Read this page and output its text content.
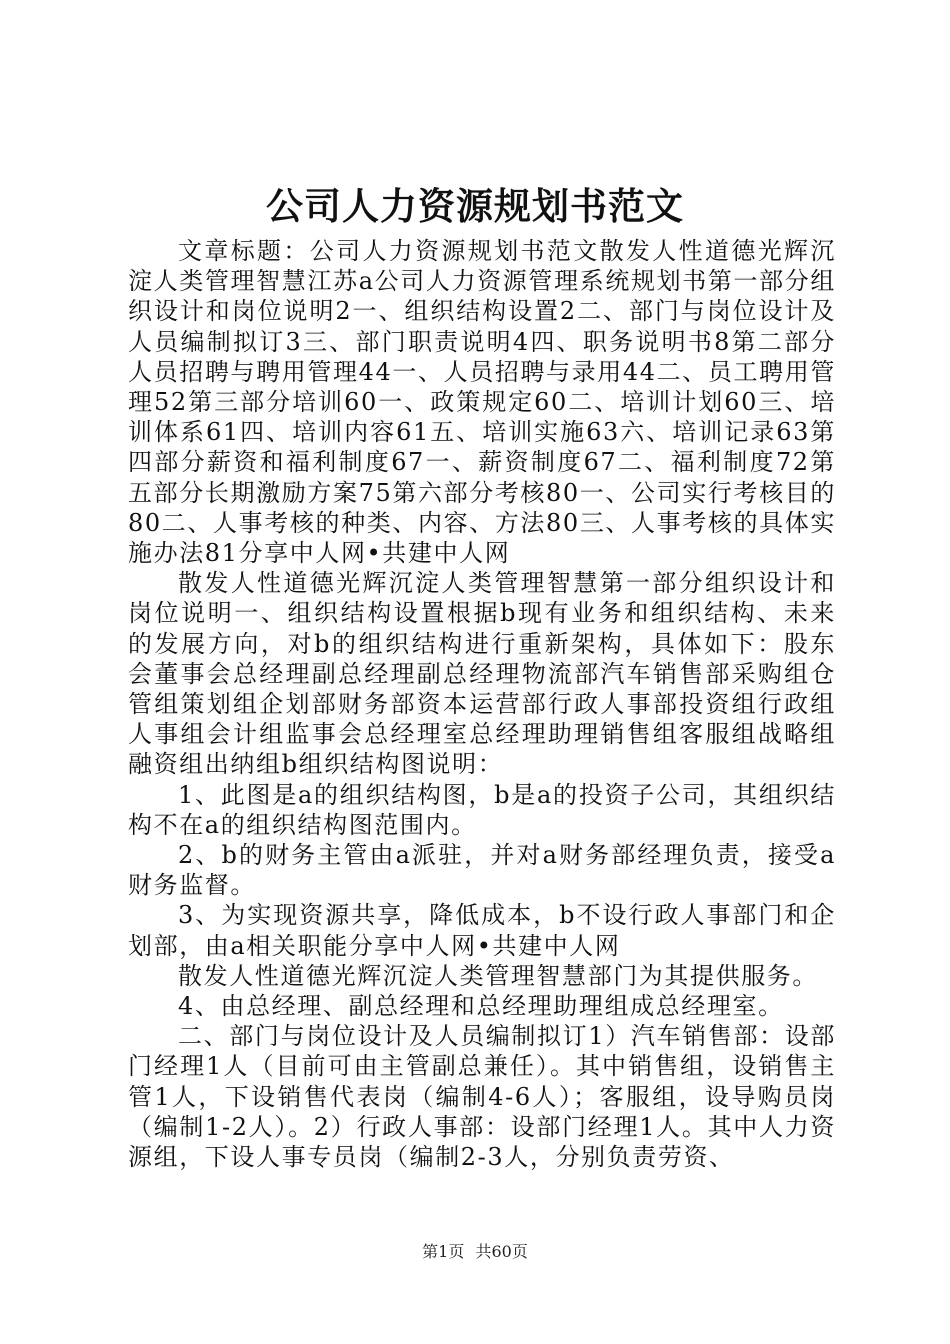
公司人力资源规划书范文

文章标题：公司人力资源规划书范文散发人性道德光辉沉淀人类管理智慧江苏a公司人力资源管理系统规划书第一部分组织设计和岗位说明2一、组织结构设置2二、部门与岗位设计及人员编制拟订3三、部门职责说明4四、职务说明书8第二部分人员招聘与聘用管理44一、人员招聘与录用44二、员工聘用管理52第三部分培训60一、政策规定60二、培训计划60三、培训体系61四、培训内容61五、培训实施63六、培训记录63第四部分薪资和福利制度67一、薪资制度67二、福利制度72第五部分长期激励方案75第六部分考核80一、公司实行考核目的80二、人事考核的种类、内容、方法80三、人事考核的具体实施办法81分享中人网•共建中人网

散发人性道德光辉沉淀人类管理智慧第一部分组织设计和岗位说明一、组织结构设置根据b现有业务和组织结构、未来的发展方向，对b的组织结构进行重新架构，具体如下：股东会董事会总经理副总经理副总经理物流部汽车销售部采购组仓管组策划组企划部财务部资本运营部行政人事部投资组行政组人事组会计组监事会总经理室总经理助理销售组客服组战略组融资组出纳组b组织结构图说明：

1、此图是a的组织结构图，b是a的投资子公司，其组织结构不在a的组织结构图范围内。

2、b的财务主管由a派驻，并对a财务部经理负责，接受a财务监督。

3、为实现资源共享，降低成本，b不设行政人事部门和企划部，由a相关职能分享中人网•共建中人网

散发人性道德光辉沉淀人类管理智慧部门为其提供服务。

4、由总经理、副总经理和总经理助理组成总经理室。

二、部门与岗位设计及人员编制拟订1）汽车销售部：设部门经理1人（目前可由主管副总兼任）。其中销售组，设销售主管1人，下设销售代表岗（编制4-6人）；客服组，设导购员岗（编制1-2人）。2）行政人事部：设部门经理1人。其中人力资源组，下设人事专员岗（编制2-3人，分别负责劳资、

第1页 共60页
